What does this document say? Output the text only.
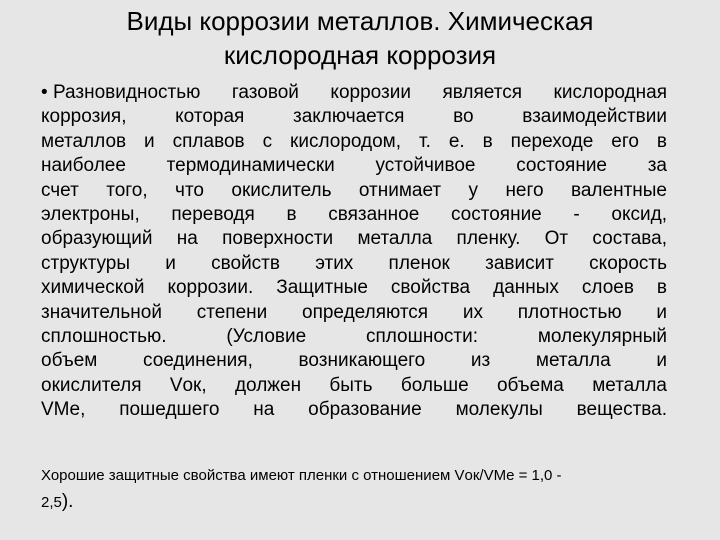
Виды коррозии металлов. Химическая
кислородная коррозия
• Разновидностью газовой коррозии является кислородная
коррозия, которая заключается во взаимодействии
металлов и сплавов с кислородом, т. е. в переходе его в
наиболее термодинамически устойчивое состояние за
счет того, что окислитель отнимает у него валентные
электроны, переводя в связанное состояние - оксид,
образующий на поверхности металла пленку. От состава,
структуры и свойств этих пленок зависит скорость
химической коррозии. Защитные свойства данных слоев в
значительной степени определяются их плотностью и
сплошностью. (Условие сплошности: молекулярный
объем соединения, возникающего из металла и
окислителя Vок, должен быть больше объема металла
VMe, пошедшего на образование молекулы вещества.
Хорошие защитные свойства имеют пленки с отношением Vок/VMe = 1,0 -
2,5).
